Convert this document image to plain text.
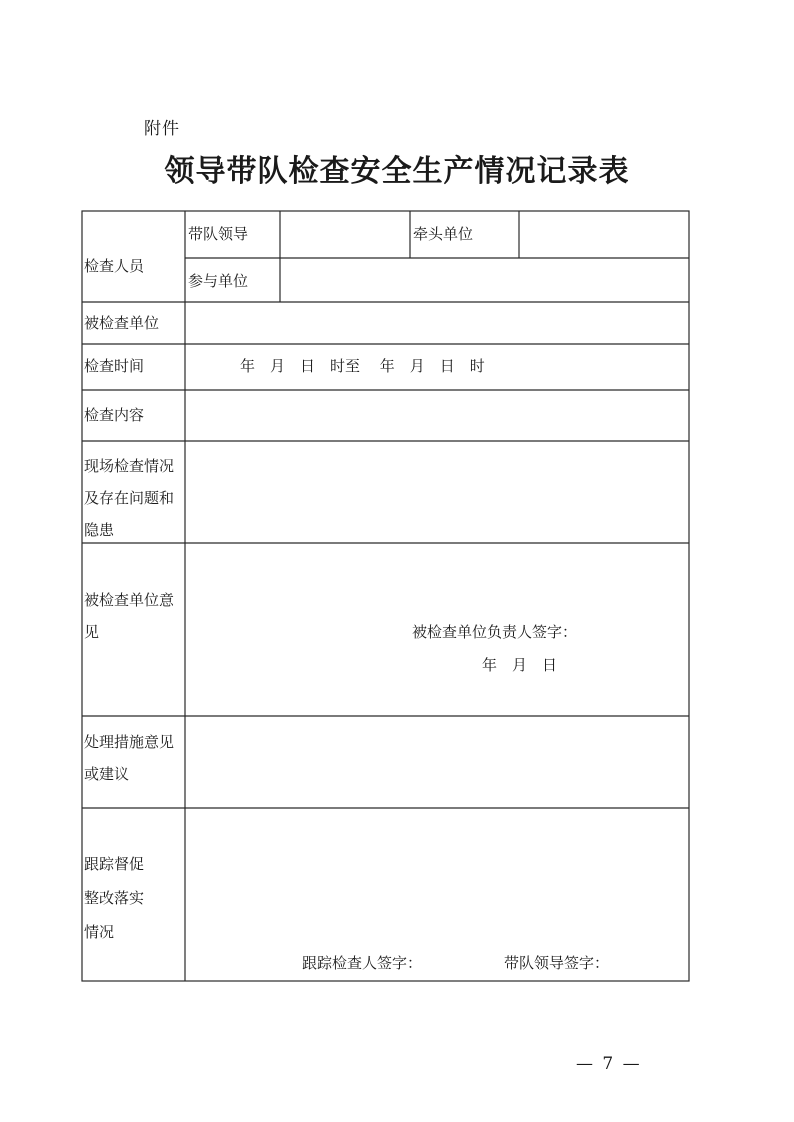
附件
领导带队检查安全生产情况记录表
检查人员
带队领导	牵头单位
参与单位
被检查单位
检查时间	年　月　日　时至　 年　月　日　时
检查内容
现场检查情况
及存在问题和
隐患
被检查单位意
见	被检查单位负责人签字：
年　月　日
处理措施意见
或建议
跟踪督促
整改落实
情况
跟踪检查人签字：	带队领导签字：
— 7 —
